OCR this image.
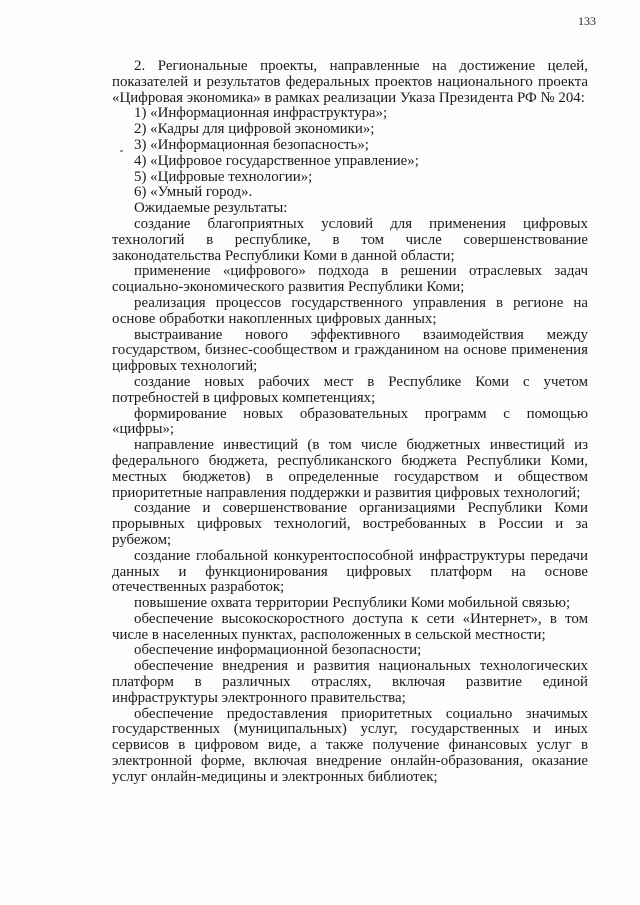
133

2. Региональные проекты, направленные на достижение целей, показателей и результатов федеральных проектов национального проекта «Цифровая экономика» в рамках реализации Указа Президента РФ № 204:

1) «Информационная инфраструктура»;

2) «Кадры для цифровой экономики»;

3) «Информационная безопасность»;

4) «Цифровое государственное управление»;

5) «Цифровые технологии»;

6) «Умный город».

Ожидаемые результаты:

создание благоприятных условий для применения цифровых технологий в республике, в том числе совершенствование законодательства Республики Коми в данной области;

применение «цифрового» подхода в решении отраслевых задач социально-экономического развития Республики Коми;

реализация процессов государственного управления в регионе на основе обработки накопленных цифровых данных;

выстраивание нового эффективного взаимодействия между государством, бизнес-сообществом и гражданином на основе применения цифровых технологий;

создание новых рабочих мест в Республике Коми с учетом потребностей в цифровых компетенциях;

формирование новых образовательных программ с помощью «цифры»;

направление инвестиций (в том числе бюджетных инвестиций из федерального бюджета, республиканского бюджета Республики Коми, местных бюджетов) в определенные государством и обществом приоритетные направления поддержки и развития цифровых технологий;

создание и совершенствование организациями Республики Коми прорывных цифровых технологий, востребованных в России и за рубежом;

создание глобальной конкурентоспособной инфраструктуры передачи данных и функционирования цифровых платформ на основе отечественных разработок;

повышение охвата территории Республики Коми мобильной связью;

обеспечение высокоскоростного доступа к сети «Интернет», в том числе в населенных пунктах, расположенных в сельской местности;

обеспечение информационной безопасности;

обеспечение внедрения и развития национальных технологических платформ в различных отраслях, включая развитие единой инфраструктуры электронного правительства;

обеспечение предоставления приоритетных социально значимых государственных (муниципальных) услуг, государственных и иных сервисов в цифровом виде, а также получение финансовых услуг в электронной форме, включая внедрение онлайн-образования, оказание услуг онлайн-медицины и электронных библиотек;
